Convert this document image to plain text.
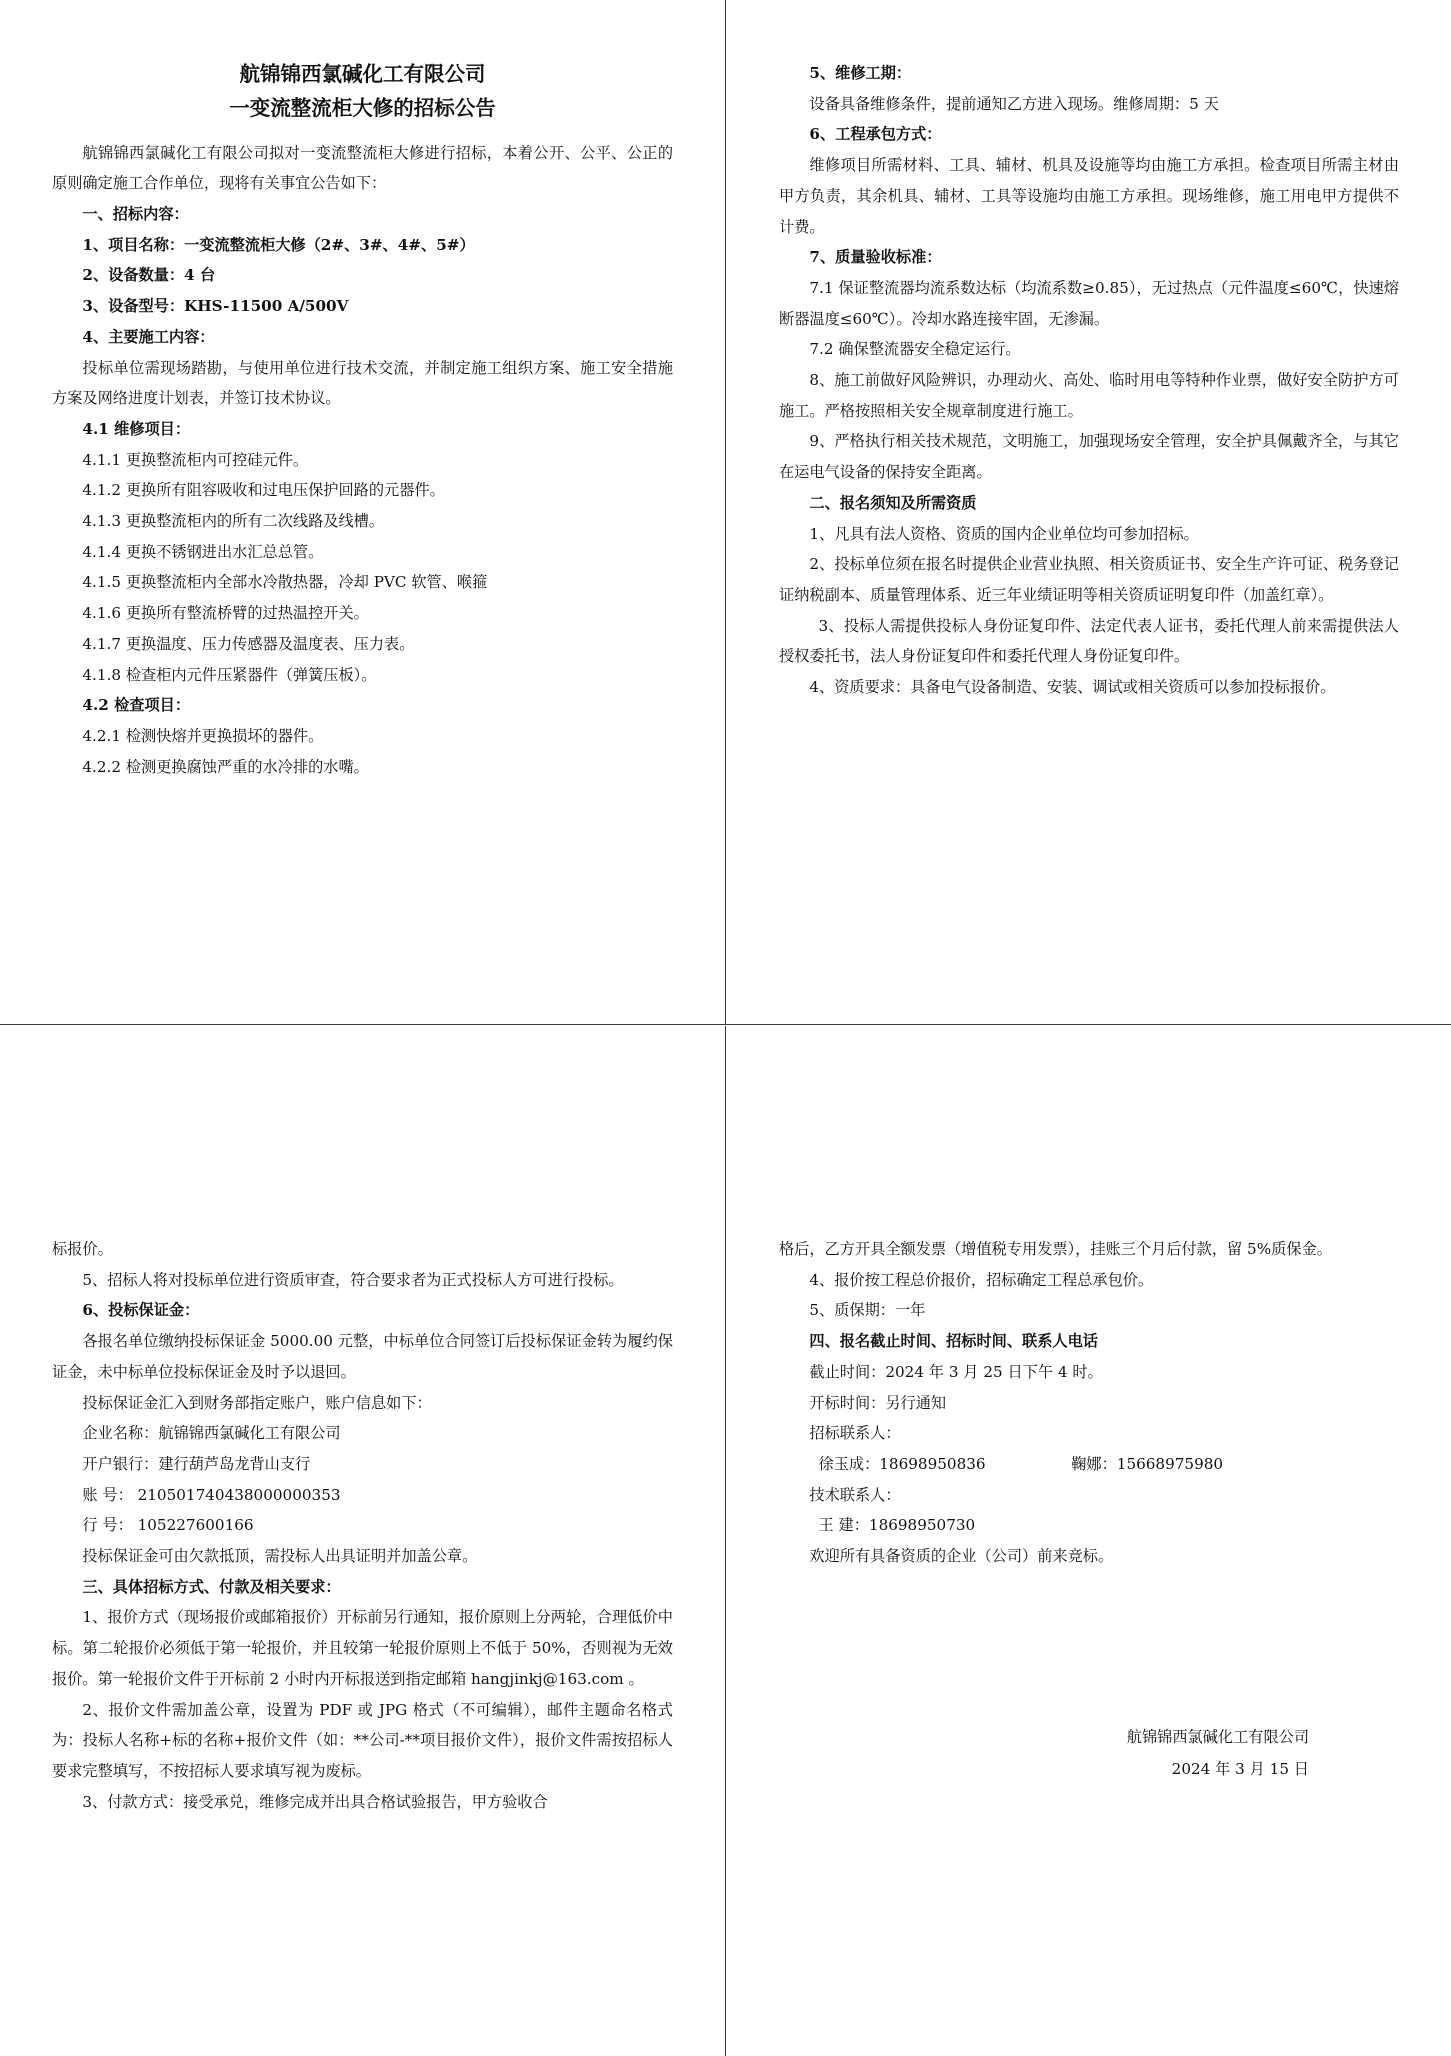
航锦锦西氯碱化工有限公司

一变流整流柜大修的招标公告

航锦锦西氯碱化工有限公司拟对一变流整流柜大修进行招标，本着公开、公平、公正的原则确定施工合作单位，现将有关事宜公告如下：

一、招标内容：

1、项目名称：一变流整流柜大修（2#、3#、4#、5#）

2、设备数量：4 台

3、设备型号：KHS-11500 A/500V

4、主要施工内容：

投标单位需现场踏勘，与使用单位进行技术交流，并制定施工组织方案、施工安全措施方案及网络进度计划表，并签订技术协议。

4.1 维修项目：

4.1.1 更换整流柜内可控硅元件。

4.1.2 更换所有阻容吸收和过电压保护回路的元器件。

4.1.3 更换整流柜内的所有二次线路及线槽。

4.1.4 更换不锈钢进出水汇总总管。

4.1.5 更换整流柜内全部水冷散热器，冷却 PVC 软管、喉箍

4.1.6 更换所有整流桥臂的过热温控开关。

4.1.7 更换温度、压力传感器及温度表、压力表。

4.1.8 检查柜内元件压紧器件（弹簧压板）。

4.2 检查项目：

4.2.1 检测快熔并更换损坏的器件。

4.2.2 检测更换腐蚀严重的水冷排的水嘴。

5、维修工期：

设备具备维修条件，提前通知乙方进入现场。维修周期：5 天

6、工程承包方式：

维修项目所需材料、工具、辅材、机具及设施等均由施工方承担。检查项目所需主材由甲方负责，其余机具、辅材、工具等设施均由施工方承担。现场维修，施工用电甲方提供不计费。

7、质量验收标准：

7.1 保证整流器均流系数达标（均流系数≥0.85），无过热点（元件温度≤60℃，快速熔断器温度≤60℃）。冷却水路连接牢固，无渗漏。

7.2 确保整流器安全稳定运行。

8、施工前做好风险辨识，办理动火、高处、临时用电等特种作业票，做好安全防护方可施工。严格按照相关安全规章制度进行施工。

9、严格执行相关技术规范，文明施工，加强现场安全管理，安全护具佩戴齐全，与其它在运电气设备的保持安全距离。

二、报名须知及所需资质

1、凡具有法人资格、资质的国内企业单位均可参加招标。

2、投标单位须在报名时提供企业营业执照、相关资质证书、安全生产许可证、税务登记证纳税副本、质量管理体系、近三年业绩证明等相关资质证明复印件（加盖红章）。

3、投标人需提供投标人身份证复印件、法定代表人证书，委托代理人前来需提供法人授权委托书，法人身份证复印件和委托代理人身份证复印件。

4、资质要求：具备电气设备制造、安装、调试或相关资质可以参加投标报价。

标报价。

5、招标人将对投标单位进行资质审查，符合要求者为正式投标人方可进行投标。

6、投标保证金：

各报名单位缴纳投标保证金 5000.00 元整，中标单位合同签订后投标保证金转为履约保证金，未中标单位投标保证金及时予以退回。

投标保证金汇入到财务部指定账户，账户信息如下：

企业名称：航锦锦西氯碱化工有限公司

开户银行：建行葫芦岛龙背山支行

账 号： 210501740438000000353

行 号： 105227600166

投标保证金可由欠款抵顶，需投标人出具证明并加盖公章。

三、具体招标方式、付款及相关要求：

1、报价方式（现场报价或邮箱报价）开标前另行通知，报价原则上分两轮，合理低价中标。第二轮报价必须低于第一轮报价，并且较第一轮报价原则上不低于 50%，否则视为无效报价。第一轮报价文件于开标前 2 小时内开标报送到指定邮箱 hangjinkj@163.com 。

2、报价文件需加盖公章，设置为 PDF 或 JPG 格式（不可编辑），邮件主题命名格式为：投标人名称+标的名称+报价文件（如：**公司-**项目报价文件），报价文件需按招标人要求完整填写，不按招标人要求填写视为废标。

3、付款方式：接受承兑，维修完成并出具合格试验报告，甲方验收合

格后，乙方开具全额发票（增值税专用发票），挂账三个月后付款，留 5%质保金。

4、报价按工程总价报价，招标确定工程总承包价。

5、质保期：一年

四、报名截止时间、招标时间、联系人电话

截止时间：2024 年 3 月 25 日下午 4 时。

开标时间：另行通知

招标联系人：

徐玉成：18698950836	鞠娜：15668975980

技术联系人：

王 建：18698950730

欢迎所有具备资质的企业（公司）前来竞标。

航锦锦西氯碱化工有限公司

2024 年 3 月 15 日
